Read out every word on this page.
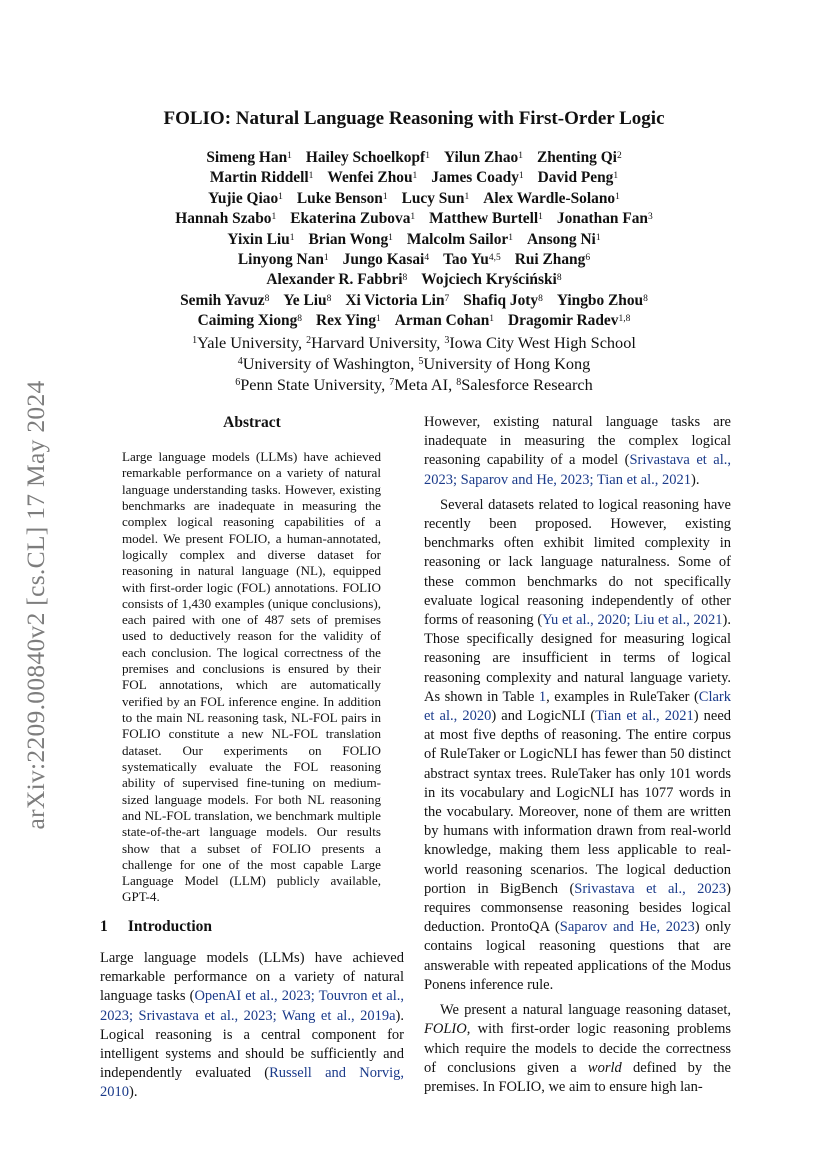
arXiv:2209.00840v2 [cs.CL] 17 May 2024
FOLIO: Natural Language Reasoning with First-Order Logic
Simeng Han$^1$ Hailey Schoelkopf$^1$ Yilun Zhao$^1$ Zhenting Qi$^2$
Martin Riddell$^1$ Wenfei Zhou$^1$ James Coady$^1$ David Peng$^1$
Yujie Qiao$^1$ Luke Benson$^1$ Lucy Sun$^1$ Alex Wardle-Solano$^1$
Hannah Szabo$^1$ Ekaterina Zubova$^1$ Matthew Burtell$^1$ Jonathan Fan$^3$
Yixin Liu$^1$ Brian Wong$^1$ Malcolm Sailor$^1$ Ansong Ni$^1$
Linyong Nan$^1$ Jungo Kasai$^4$ Tao Yu$^{4,5}$ Rui Zhang$^6$
Alexander R. Fabbri$^8$ Wojciech Kryściński$^8$
Semih Yavuz$^8$ Ye Liu$^8$ Xi Victoria Lin$^7$ Shafiq Joty$^8$ Yingbo Zhou$^8$
Caiming Xiong$^8$ Rex Ying$^1$ Arman Cohan$^1$ Dragomir Radev$^{1,8}$
$^1$Yale University, $^2$Harvard University, $^3$Iowa City West High School
$^4$University of Washington, $^5$University of Hong Kong
$^6$Penn State University, $^7$Meta AI, $^8$Salesforce Research
Abstract
Large language models (LLMs) have achieved remarkable performance on a variety of natural language understanding tasks. However, existing benchmarks are inadequate in measuring the complex logical reasoning capabilities of a model. We present FOLIO, a human-annotated, logically complex and diverse dataset for reasoning in natural language (NL), equipped with first-order logic (FOL) annotations. FOLIO consists of 1,430 examples (unique conclusions), each paired with one of 487 sets of premises used to deductively reason for the validity of each conclusion. The logical correctness of the premises and conclusions is ensured by their FOL annotations, which are automatically verified by an FOL inference engine. In addition to the main NL reasoning task, NL-FOL pairs in FOLIO constitute a new NL-FOL translation dataset. Our experiments on FOLIO systematically evaluate the FOL reasoning ability of supervised fine-tuning on medium-sized language models. For both NL reasoning and NL-FOL translation, we benchmark multiple state-of-the-art language models. Our results show that a subset of FOLIO presents a challenge for one of the most capable Large Language Model (LLM) publicly available, GPT-4.
1 Introduction

Large language models (LLMs) have achieved remarkable performance on a variety of natural language tasks (OpenAI et al., 2023; Touvron et al., 2023; Srivastava et al., 2023; Wang et al., 2019a). Logical reasoning is a central component for intelligent systems and should be sufficiently and independently evaluated (Russell and Norvig, 2010).

However, existing natural language tasks are inadequate in measuring the complex logical reasoning capability of a model (Srivastava et al., 2023; Saparov and He, 2023; Tian et al., 2021).

Several datasets related to logical reasoning have recently been proposed. However, existing benchmarks often exhibit limited complexity in reasoning or lack language naturalness. Some of these common benchmarks do not specifically evaluate logical reasoning independently of other forms of reasoning (Yu et al., 2020; Liu et al., 2021). Those specifically designed for measuring logical reasoning are insufficient in terms of logical reasoning complexity and natural language variety. As shown in Table 1, examples in RuleTaker (Clark et al., 2020) and LogicNLI (Tian et al., 2021) need at most five depths of reasoning. The entire corpus of RuleTaker or LogicNLI has fewer than 50 distinct abstract syntax trees. RuleTaker has only 101 words in its vocabulary and LogicNLI has 1077 words in the vocabulary. Moreover, none of them are written by humans with information drawn from real-world knowledge, making them less applicable to real-world reasoning scenarios. The logical deduction portion in BigBench (Srivastava et al., 2023) requires commonsense reasoning besides logical deduction. ProntoQA (Saparov and He, 2023) only contains logical reasoning questions that are answerable with repeated applications of the Modus Ponens inference rule.

We present a natural language reasoning dataset, FOLIO, with first-order logic reasoning problems which require the models to decide the correctness of conclusions given a world defined by the premises. In FOLIO, we aim to ensure high lan-
